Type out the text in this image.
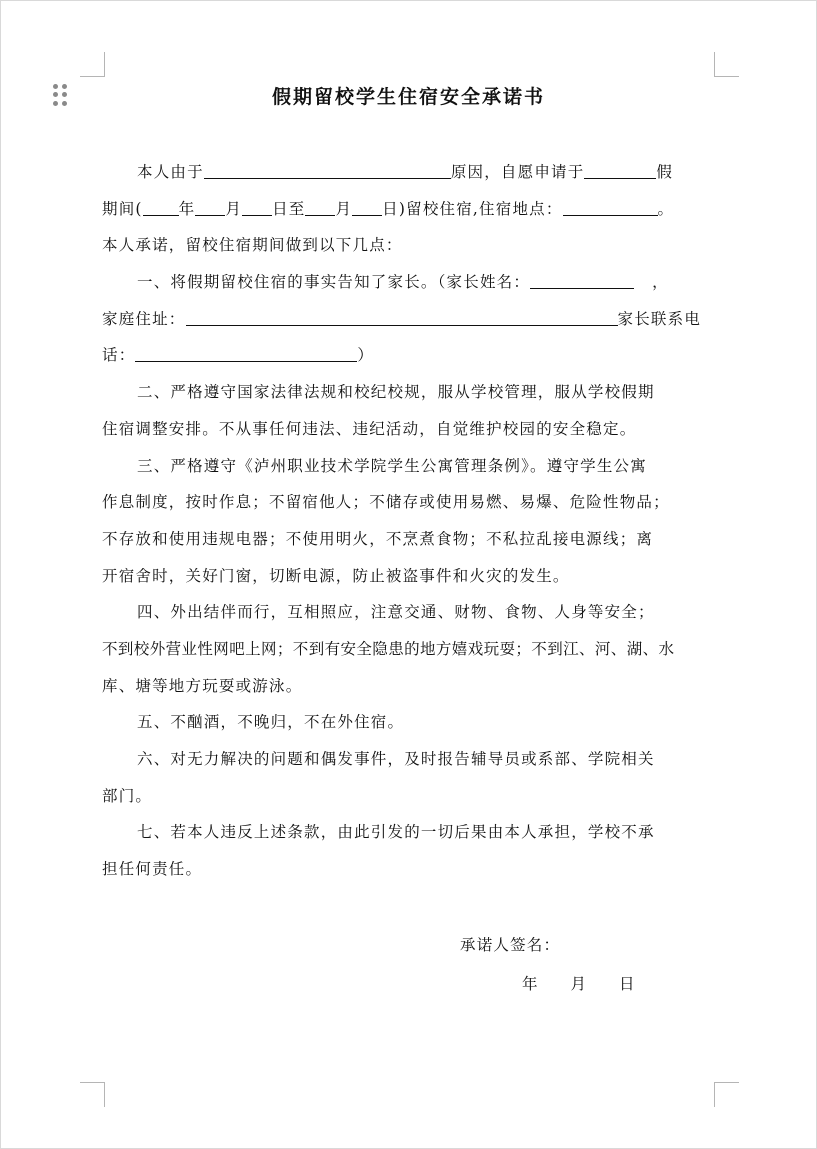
假期留校学生住宿安全承诺书
本人由于	原因，自愿申请于	假
期间( 年 月 日至 月 日)留校住宿,住宿地点：	。
本人承诺，留校住宿期间做到以下几点：
一、将假期留校住宿的事实告知了家长。（家长姓名：	，
家庭住址：	家长联系电
话：	）
二、严格遵守国家法律法规和校纪校规，服从学校管理，服从学校假期
住宿调整安排。不从事任何违法、违纪活动，自觉维护校园的安全稳定。
三、严格遵守《泸州职业技术学院学生公寓管理条例》。遵守学生公寓
作息制度，按时作息；不留宿他人；不储存或使用易燃、易爆、危险性物品；
不存放和使用违规电器；不使用明火，不烹煮食物；不私拉乱接电源线；离
开宿舍时，关好门窗，切断电源，防止被盗事件和火灾的发生。
四、外出结伴而行，互相照应，注意交通、财物、食物、人身等安全；
不到校外营业性网吧上网；不到有安全隐患的地方嬉戏玩耍；不到江、河、湖、水
库、塘等地方玩耍或游泳。
五、不酗酒，不晚归，不在外住宿。
六、对无力解决的问题和偶发事件，及时报告辅导员或系部、学院相关
部门。
七、若本人违反上述条款，由此引发的一切后果由本人承担，学校不承
担任何责任。
承诺人签名：
年 月 日
